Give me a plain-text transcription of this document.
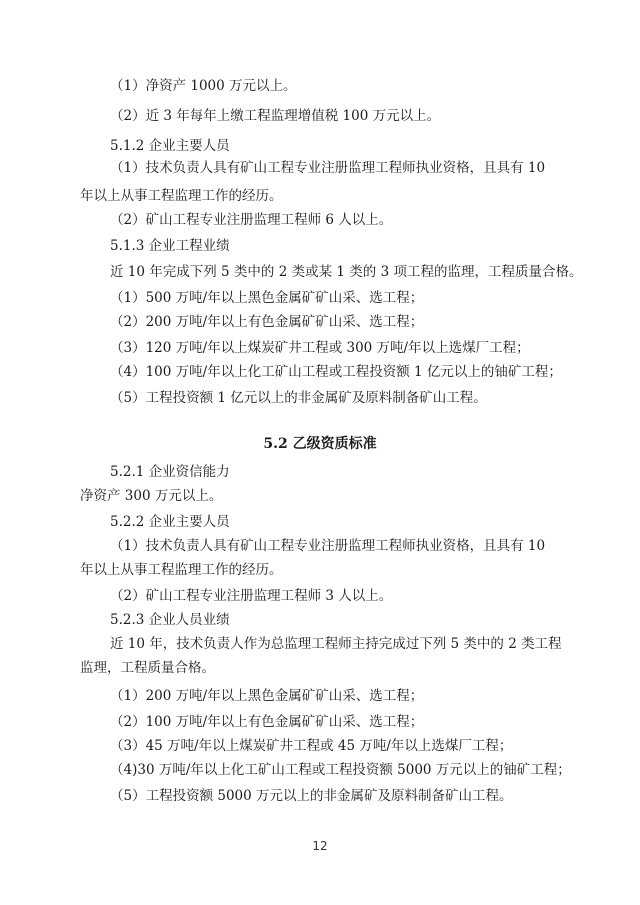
（1）净资产 1000 万元以上。
（2）近 3 年每年上缴工程监理增值税 100 万元以上。
5.1.2 企业主要人员
（1）技术负责人具有矿山工程专业注册监理工程师执业资格，且具有 10
年以上从事工程监理工作的经历。
（2）矿山工程专业注册监理工程师 6 人以上。
5.1.3 企业工程业绩
近 10 年完成下列 5 类中的 2 类或某 1 类的 3 项工程的监理，工程质量合格。
（1）500 万吨/年以上黑色金属矿矿山采、选工程；
（2）200 万吨/年以上有色金属矿矿山采、选工程；
（3）120 万吨/年以上煤炭矿井工程或 300 万吨/年以上选煤厂工程；
（4）100 万吨/年以上化工矿山工程或工程投资额 1 亿元以上的铀矿工程；
（5）工程投资额 1 亿元以上的非金属矿及原料制备矿山工程。
5.2 乙级资质标准
5.2.1 企业资信能力
净资产 300 万元以上。
5.2.2 企业主要人员
（1）技术负责人具有矿山工程专业注册监理工程师执业资格，且具有 10
年以上从事工程监理工作的经历。
（2）矿山工程专业注册监理工程师 3 人以上。
5.2.3 企业人员业绩
近 10 年，技术负责人作为总监理工程师主持完成过下列 5 类中的 2 类工程
监理，工程质量合格。
（1）200 万吨/年以上黑色金属矿矿山采、选工程；
（2）100 万吨/年以上有色金属矿矿山采、选工程；
（3）45 万吨/年以上煤炭矿井工程或 45 万吨/年以上选煤厂工程；
（4)30 万吨/年以上化工矿山工程或工程投资额 5000 万元以上的铀矿工程；
（5）工程投资额 5000 万元以上的非金属矿及原料制备矿山工程。
12
